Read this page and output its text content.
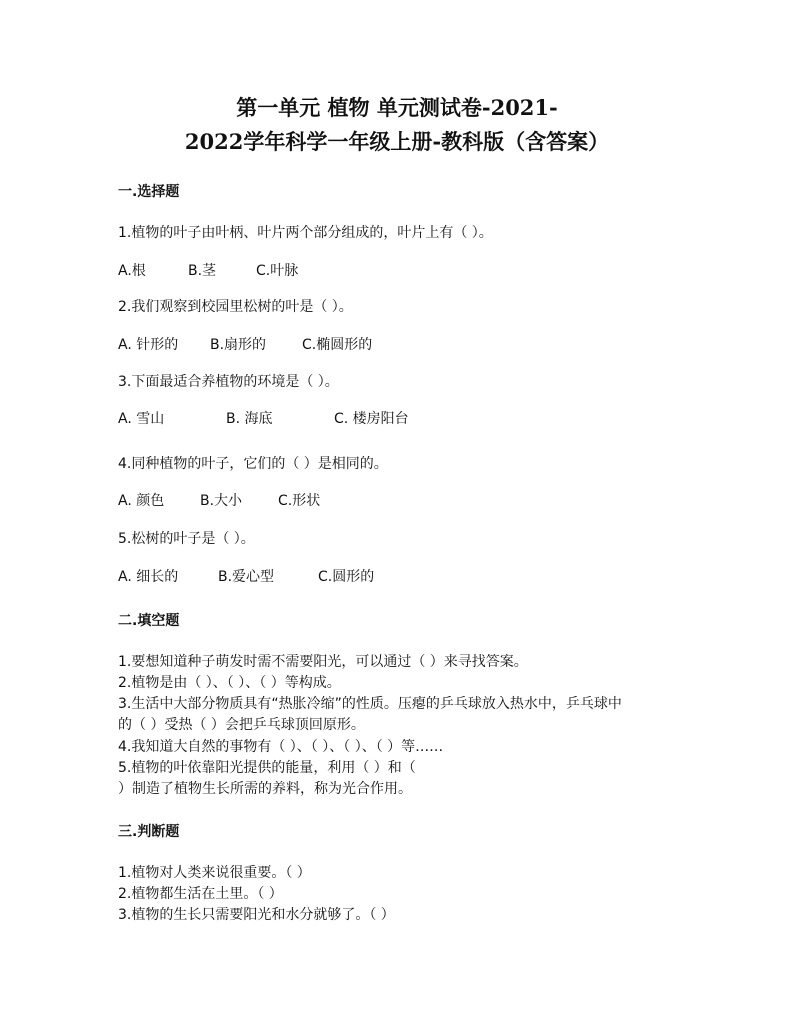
第一单元 植物 单元测试卷-2021-
2022学年科学一年级上册-教科版（含答案）
一.选择题
1.植物的叶子由叶柄、叶片两个部分组成的，叶片上有（ ）。
A.根	B.茎	C.叶脉
2.我们观察到校园里松树的叶是（ ）。
A. 针形的 B.扇形的	C.椭圆形的
3.下面最适合养植物的环境是（ ）。
A. 雪山	B. 海底	C. 楼房阳台
4.同种植物的叶子，它们的（ ）是相同的。
A. 颜色	B.大小	C.形状
5.松树的叶子是（ ）。
A. 细长的	B.爱心型	C.圆形的
二.填空题
1.要想知道种子萌发时需不需要阳光，可以通过（ ）来寻找答案。
2.植物是由（ ）、（ ）、（ ）等构成。
3.生活中大部分物质具有“热胀冷缩”的性质。压瘪的乒乓球放入热水中，乒乓球中
的（ ）受热（ ）会把乒乓球顶回原形。
4.我知道大自然的事物有（ ）、（ ）、（ ）、（ ）等……
5.植物的叶依靠阳光提供的能量，利用（ ）和（
）制造了植物生长所需的养料，称为光合作用。
三.判断题
1.植物对人类来说很重要。（ ）
2.植物都生活在土里。（ ）
3.植物的生长只需要阳光和水分就够了。（ ）
